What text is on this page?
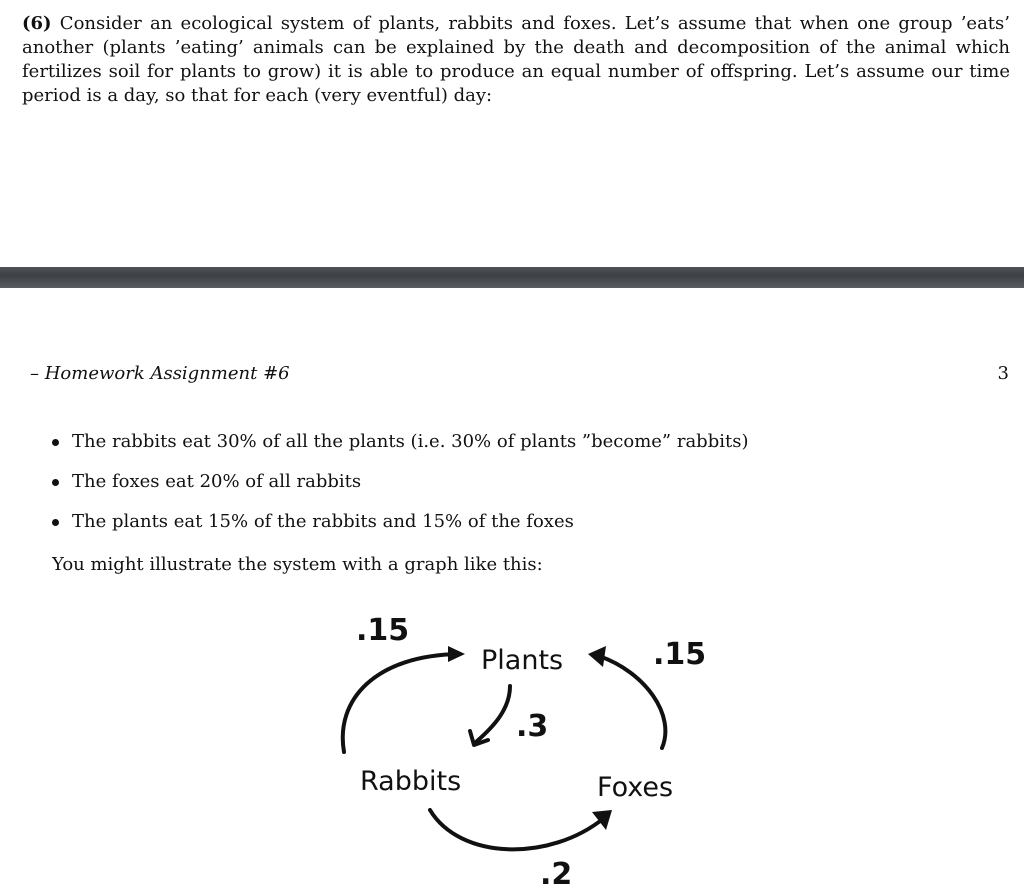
(6) Consider an ecological system of plants, rabbits and foxes. Let’s assume that when one group ’eats’ another (plants ’eating’ animals can be explained by the death and decomposition of the animal which fertilizes soil for plants to grow) it is able to produce an equal number of offspring. Let’s assume our time period is a day, so that for each (very eventful) day:

– Homework Assignment #6	3
The rabbits eat 30% of all the plants (i.e. 30% of plants ”become” rabbits)
The foxes eat 20% of all rabbits
The plants eat 15% of the rabbits and 15% of the foxes
You might illustrate the system with a graph like this:
Plants
Rabbits	Foxes
.15
.15
.3
.2
